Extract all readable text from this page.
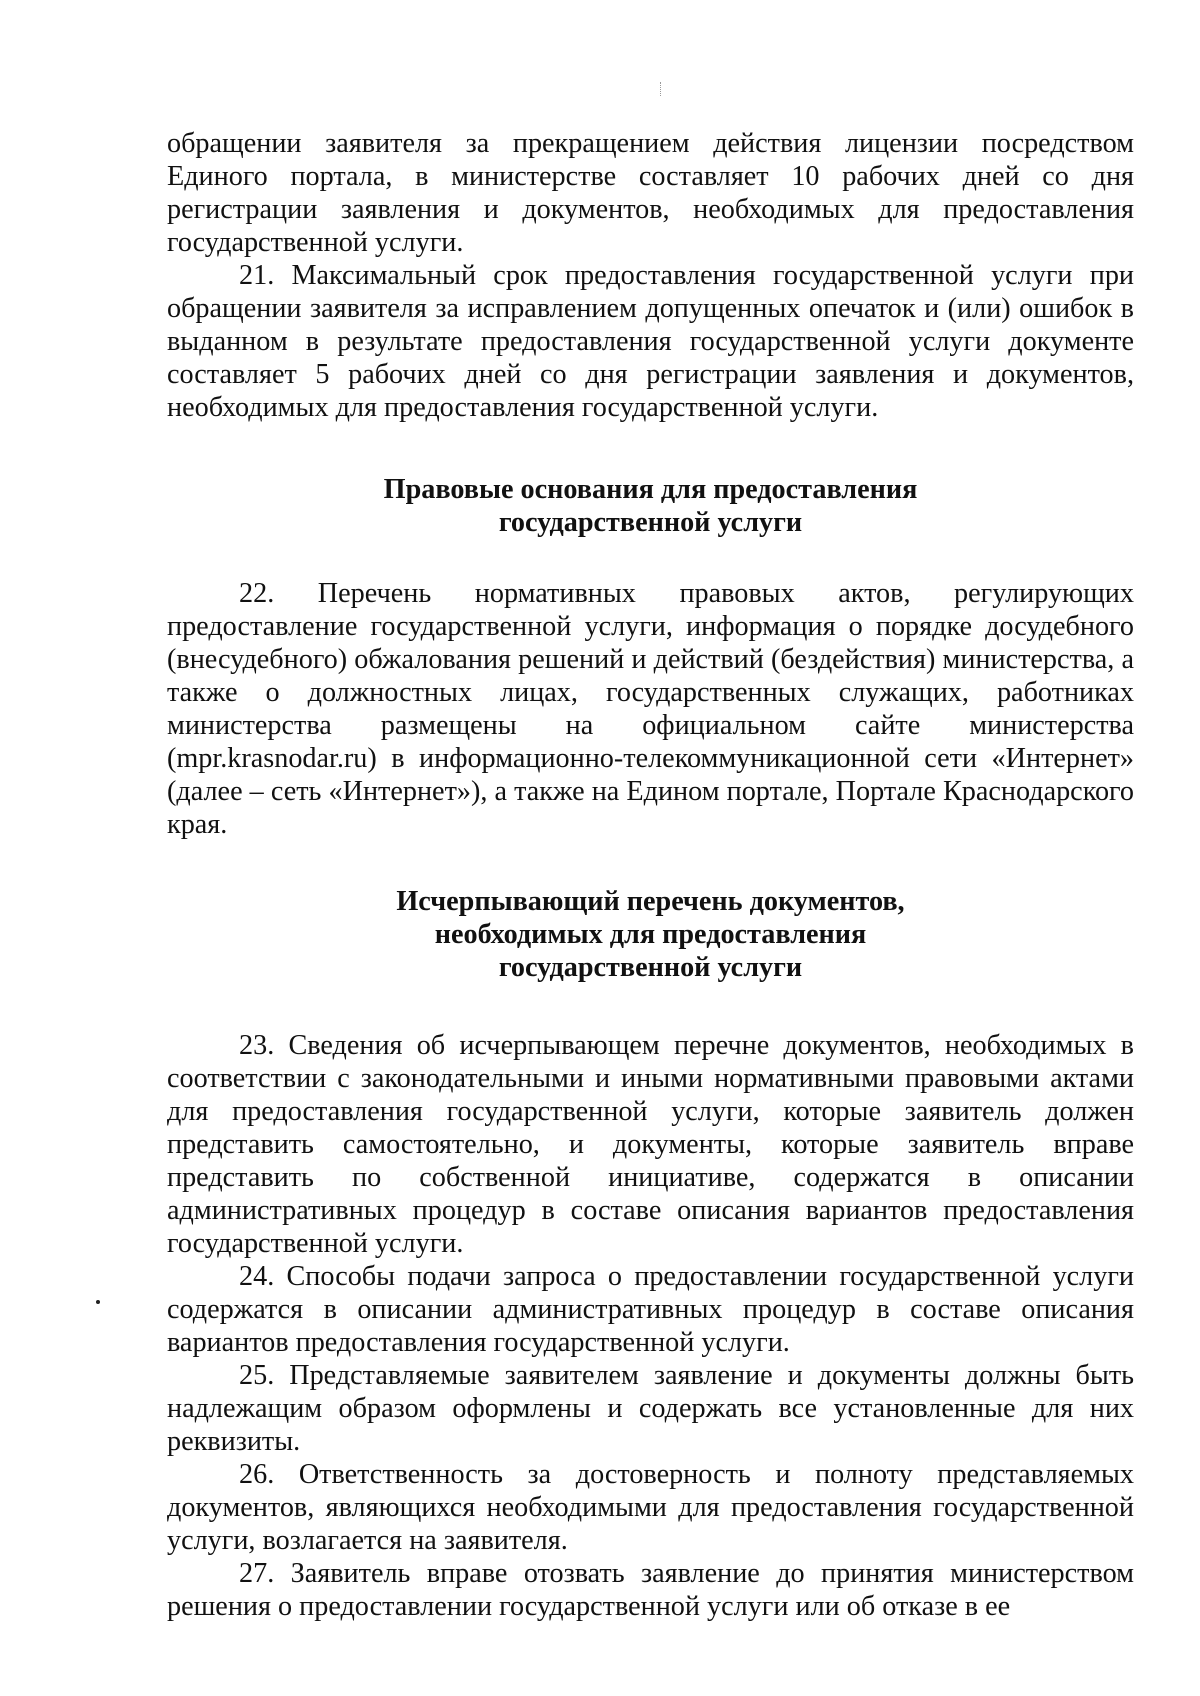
обращении заявителя за прекращением действия лицензии посредством Единого портала, в министерстве составляет 10 рабочих дней со дня регистрации заявления и документов, необходимых для предоставления государственной услуги.

21. Максимальный срок предоставления государственной услуги при обращении заявителя за исправлением допущенных опечаток и (или) ошибок в выданном в результате предоставления государственной услуги документе составляет 5 рабочих дней со дня регистрации заявления и документов, необходимых для предоставления государственной услуги.

Правовые основания для предоставления

государственной услуги

22. Перечень нормативных правовых актов, регулирующих предоставление государственной услуги, информация о порядке досудебного (внесудебного) обжалования решений и действий (бездействия) министерства, а также о должностных лицах, государственных служащих, работниках министерства размещены на официальном сайте министерства (mpr.krasnodar.ru) в информационно-телекоммуникационной сети «Интернет» (далее – сеть «Интернет»), а также на Едином портале, Портале Краснодарского края.

Исчерпывающий перечень документов,

необходимых для предоставления

государственной услуги

23. Сведения об исчерпывающем перечне документов, необходимых в соответствии с законодательными и иными нормативными правовыми актами для предоставления государственной услуги, которые заявитель должен представить самостоятельно, и документы, которые заявитель вправе представить по собственной инициативе, содержатся в описании административных процедур в составе описания вариантов предоставления государственной услуги.

24. Способы подачи запроса о предоставлении государственной услуги содержатся в описании административных процедур в составе описания вариантов предоставления государственной услуги.

25. Представляемые заявителем заявление и документы должны быть надлежащим образом оформлены и содержать все установленные для них реквизиты.

26. Ответственность за достоверность и полноту представляемых документов, являющихся необходимыми для предоставления государственной услуги, возлагается на заявителя.

27. Заявитель вправе отозвать заявление до принятия министерством решения о предоставлении государственной услуги или об отказе в ее
